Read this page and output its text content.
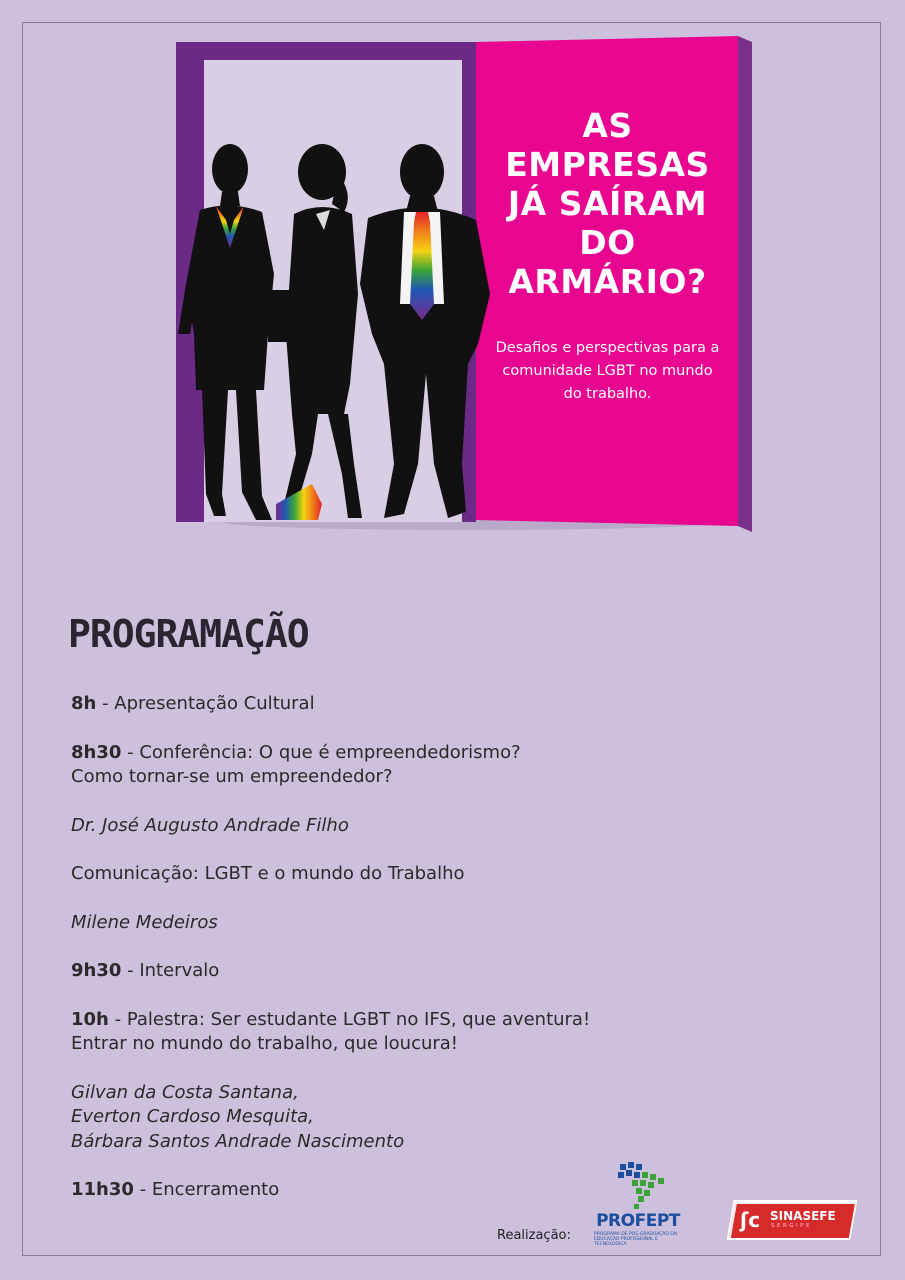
AS
EMPRESAS
JÁ SAÍRAM
DO
ARMÁRIO?
Desafios e perspectivas para a
comunidade LGBT no mundo
do trabalho.
PROGRAMAÇÃO

8h - Apresentação Cultural

8h30 - Conferência: O que é empreendedorismo?

Como tornar-se um empreendedor?

Dr. José Augusto Andrade Filho

Comunicação: LGBT e o mundo do Trabalho

Milene Medeiros

9h30 - Intervalo

10h - Palestra: Ser estudante LGBT no IFS, que aventura!

Entrar no mundo do trabalho, que loucura!

Gilvan da Costa Santana,

Everton Cardoso Mesquita,

Bárbara Santos Andrade Nascimento

11h30 - Encerramento

Realização:
PROFEPT
PROGRAMA DE PÓS-GRADUAÇÃO EM EDUCAÇÃO PROFISSIONAL E TECNOLÓGICA
ʃc SINASEFE
SERGIPE
